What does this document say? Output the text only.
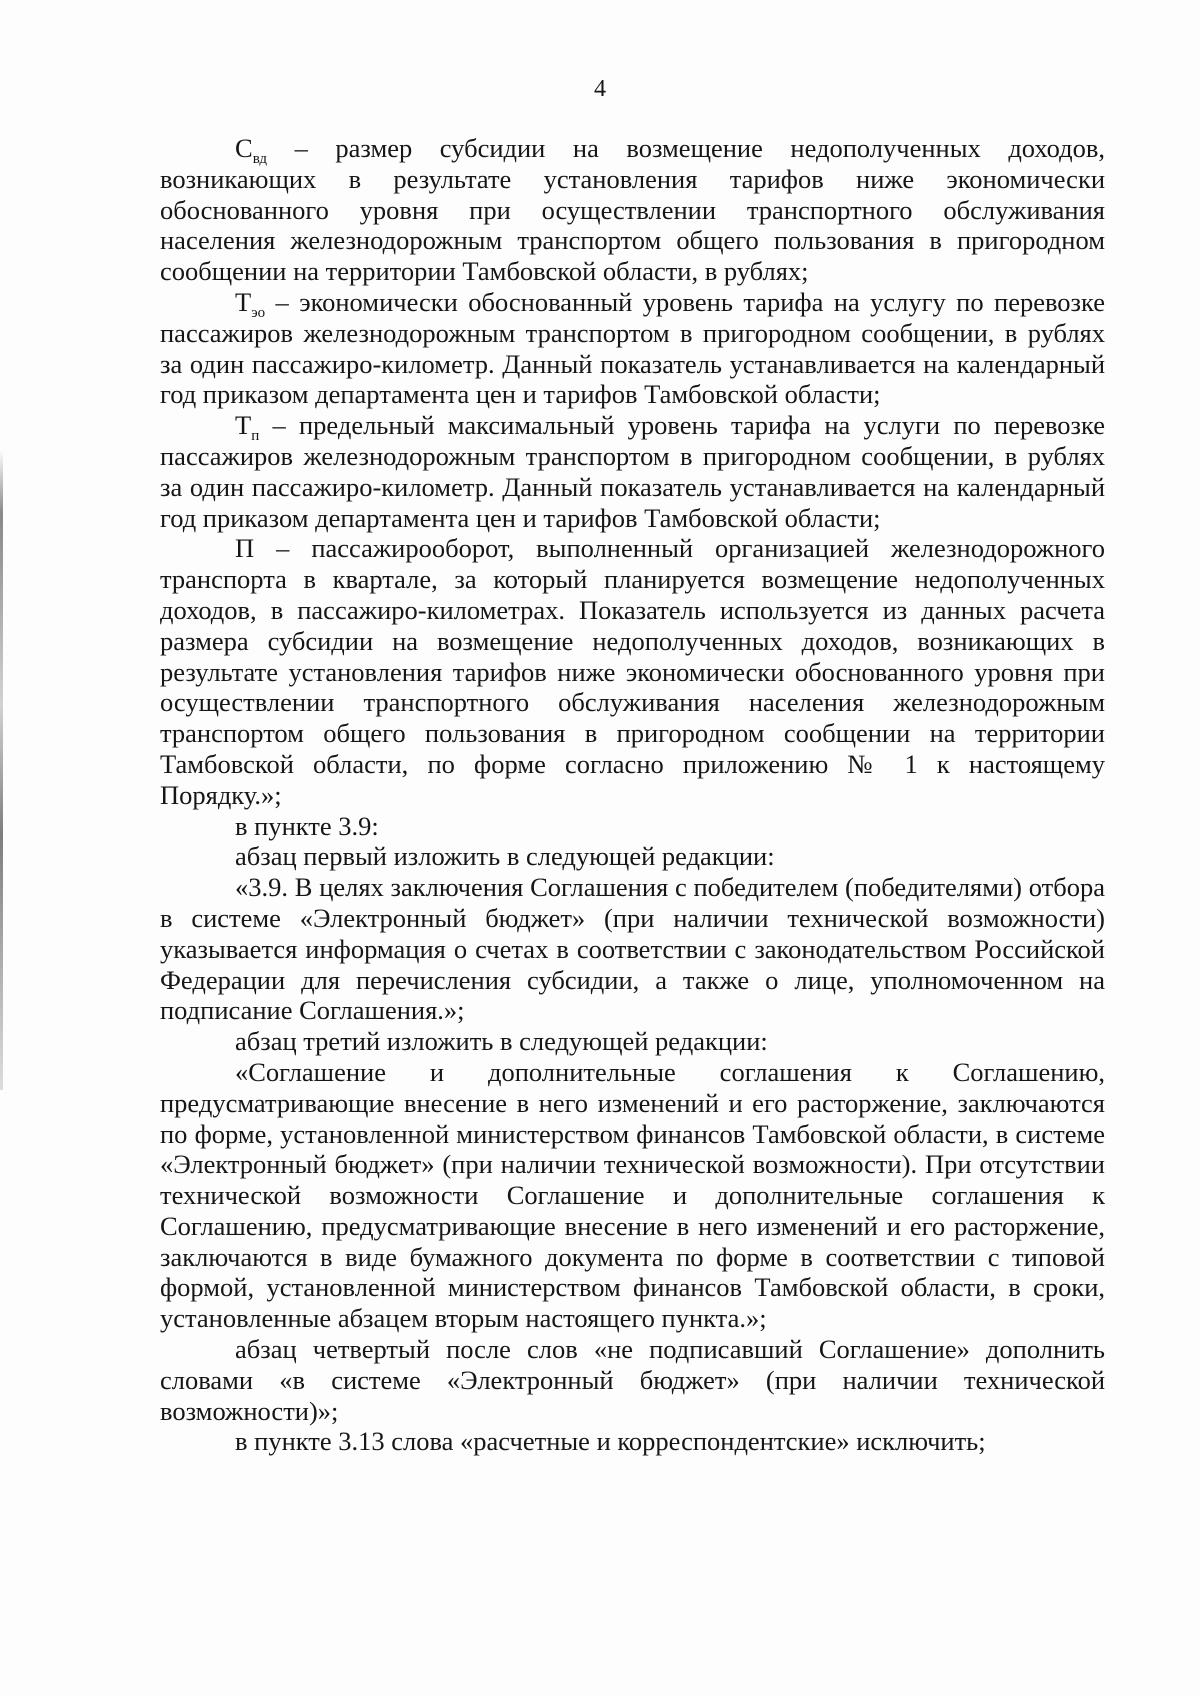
4

$С_{вд}$ – размер субсидии на возмещение недополученных доходов, возникающих в результате установления тарифов ниже экономически обоснованного уровня при осуществлении транспортного обслуживания населения железнодорожным транспортом общего пользования в пригородном сообщении на территории Тамбовской области, в рублях;

$Т_{эо}$ – экономически обоснованный уровень тарифа на услугу по перевозке пассажиров железнодорожным транспортом в пригородном сообщении, в рублях за один пассажиро-километр. Данный показатель устанавливается на календарный год приказом департамента цен и тарифов Тамбовской области;

$Т_п$ – предельный максимальный уровень тарифа на услуги по перевозке пассажиров железнодорожным транспортом в пригородном сообщении, в рублях за один пассажиро-километр. Данный показатель устанавливается на календарный год приказом департамента цен и тарифов Тамбовской области;

П – пассажирооборот, выполненный организацией железнодорожного транспорта в квартале, за который планируется возмещение недополученных доходов, в пассажиро-километрах. Показатель используется из данных расчета размера субсидии на возмещение недополученных доходов, возникающих в результате установления тарифов ниже экономически обоснованного уровня при осуществлении транспортного обслуживания населения железнодорожным транспортом общего пользования в пригородном сообщении на территории Тамбовской области, по форме согласно приложению № 1 к настоящему Порядку.»;

в пункте 3.9:

абзац первый изложить в следующей редакции:

«3.9. В целях заключения Соглашения с победителем (победителями) отбора в системе «Электронный бюджет» (при наличии технической возможности) указывается информация о счетах в соответствии с законодательством Российской Федерации для перечисления субсидии, а также о лице, уполномоченном на подписание Соглашения.»;

абзац третий изложить в следующей редакции:

«Соглашение и дополнительные соглашения к Соглашению, предусматривающие внесение в него изменений и его расторжение, заключаются по форме, установленной министерством финансов Тамбовской области, в системе «Электронный бюджет» (при наличии технической возможности). При отсутствии технической возможности Соглашение и дополнительные соглашения к Соглашению, предусматривающие внесение в него изменений и его расторжение, заключаются в виде бумажного документа по форме в соответствии с типовой формой, установленной министерством финансов Тамбовской области, в сроки, установленные абзацем вторым настоящего пункта.»;

абзац четвертый после слов «не подписавший Соглашение» дополнить словами «в системе «Электронный бюджет» (при наличии технической возможности)»;

в пункте 3.13 слова «расчетные и корреспондентские» исключить;
